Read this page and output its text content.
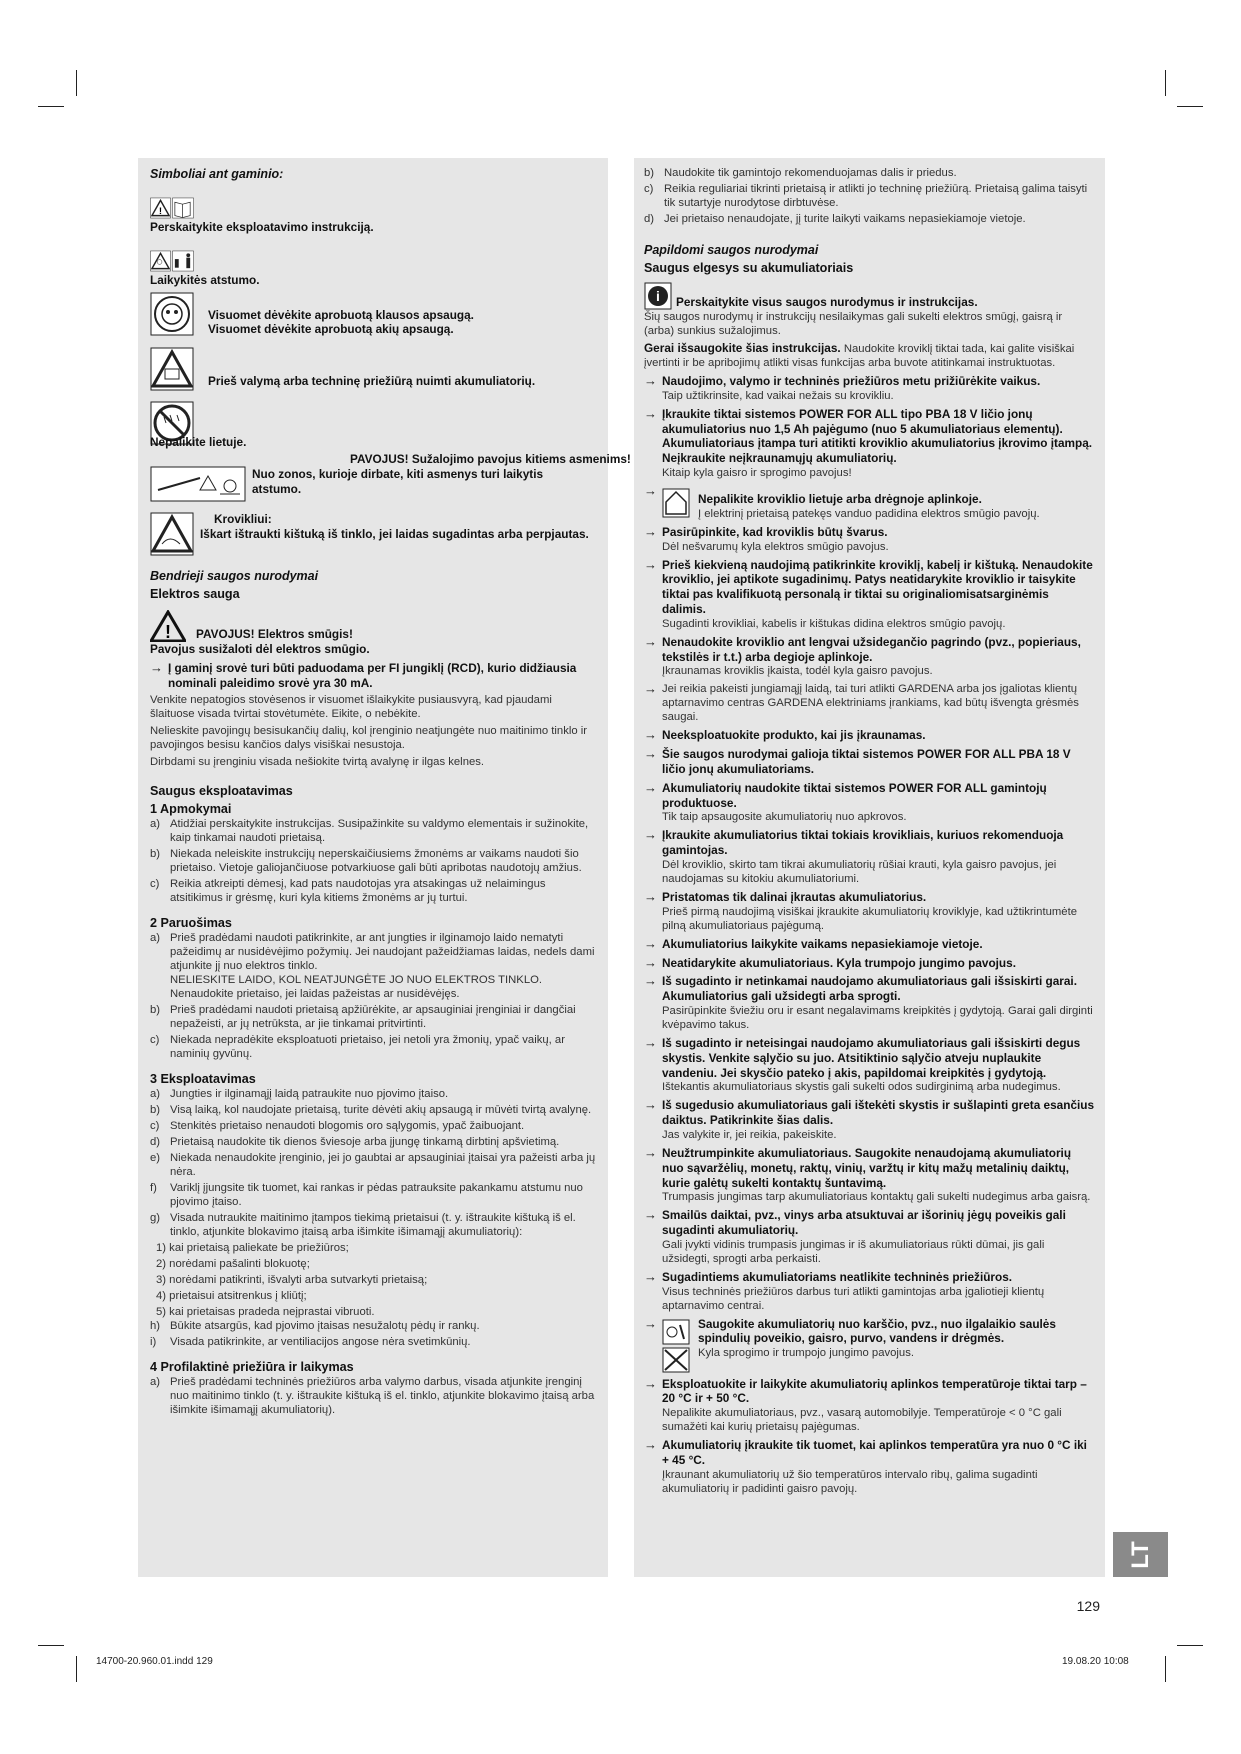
Simboliai ant gaminio:
!
Perskaitykite eksploatavimo instrukciją.
Laikykitės atstumo.
Visuomet dėvėkite aprobuotą klausos apsaugą.
Visuomet dėvėkite aprobuotą akių apsaugą.
Prieš valymą arba techninę priežiūrą nuimti akumuliatorių.
Nepalikite lietuje.
PAVOJUS! Sužalojimo pavojus kitiems asmenims!
Nuo zonos, kurioje dirbate, kiti asmenys turi laikytis atstumo.
Krovikliui:
Iškart ištraukti kištuką iš tinklo, jei laidas sugadintas arba perpjautas.
Bendrieji saugos nurodymai
Elektros sauga
! PAVOJUS! Elektros smūgis!
Pavojus susižaloti dėl elektros smūgio.
→ Į gaminį srovė turi būti paduodama per FI jungiklį (RCD), kurio didžiausia nominali paleidimo srovė yra 30 mA.
Venkite nepatogios stovėsenos ir visuomet išlaikykite pusiausvyrą, kad pjaudami šlaituose visada tvirtai stovėtumėte. Eikite, o nebėkite.
Nelieskite pavojingų besisukančių dalių, kol įrenginio neatjungėte nuo maitinimo tinklo ir pavojingos besisu kančios dalys visiškai nesustoja.
Dirbdami su įrenginiu visada nešiokite tvirtą avalynę ir ilgas kelnes.
Saugus eksploatavimas
1 Apmokymai
a) Atidžiai perskaitykite instrukcijas. Susipažinkite su valdymo elementais ir sužinokite, kaip tinkamai naudoti prietaisą.
b) Niekada neleiskite instrukcijų neperskaičiusiems žmonėms ar vaikams naudoti šio prietaiso. Vietoje galiojančiuose potvarkiuose gali būti apribotas naudotojų amžius.
c) Reikia atkreipti dėmesį, kad pats naudotojas yra atsakingas už nelaimingus atsitikimus ir grėsmę, kuri kyla kitiems žmonėms ar jų turtui.
2 Paruošimas
a) Prieš pradėdami naudoti patikrinkite, ar ant jungties ir ilginamojo laido nematyti pažeidimų ar nusidėvėjimo požymių. Jei naudojant pažeidžiamas laidas, nedels dami atjunkite jį nuo elektros tinklo.
NELIESKITE LAIDO, KOL NEATJUNGĖTE JO NUO ELEKTROS TINKLO.
Nenaudokite prietaiso, jei laidas pažeistas ar nusidėvėjęs.
b) Prieš pradėdami naudoti prietaisą apžiūrėkite, ar apsauginiai įrenginiai ir dangčiai nepažeisti, ar jų netrūksta, ar jie tinkamai pritvirtinti.
c) Niekada nepradėkite eksploatuoti prietaiso, jei netoli yra žmonių, ypač vaikų, ar naminių gyvūnų.
3 Eksploatavimas
a) Jungties ir ilginamąjį laidą patraukite nuo pjovimo įtaiso.
b) Visą laiką, kol naudojate prietaisą, turite dėvėti akių apsaugą ir mūvėti tvirtą avalynę.
c) Stenkitės prietaiso nenaudoti blogomis oro sąlygomis, ypač žaibuojant.
d) Prietaisą naudokite tik dienos šviesoje arba įjungę tinkamą dirbtinį apšvietimą.
e) Niekada nenaudokite įrenginio, jei jo gaubtai ar apsauginiai įtaisai yra pažeisti arba jų nėra.
f)	Variklį įjungsite tik tuomet, kai rankas ir pėdas patrauksite pakankamu atstumu nuo pjovimo įtaiso.
g) Visada nutraukite maitinimo įtampos tiekimą prietaisui (t. y. ištraukite kištuką iš el. tinklo, atjunkite blokavimo įtaisą arba išimkite išimamąjį akumuliatorių):
1) kai prietaisą paliekate be priežiūros;
2) norėdami pašalinti blokuotę;
3) norėdami patikrinti, išvalyti arba sutvarkyti prietaisą;
4) prietaisui atsitrenkus į kliūtį;
5) kai prietaisas pradeda neįprastai vibruoti.
h) Būkite atsargūs, kad pjovimo įtaisas nesužalotų pėdų ir rankų.
i)	Visada patikrinkite, ar ventiliacijos angose nėra svetimkūnių.
4 Profilaktinė priežiūra ir laikymas
a) Prieš pradėdami techninės priežiūros arba valymo darbus, visada atjunkite įrenginį nuo maitinimo tinklo (t. y. ištraukite kištuką iš el. tinklo, atjunkite blokavimo įtaisą arba išimkite išimamąjį akumuliatorių).
b) Naudokite tik gamintojo rekomenduojamas dalis ir priedus.
c) Reikia reguliariai tikrinti prietaisą ir atlikti jo techninę priežiūrą. Prietaisą galima taisyti tik sutartyje nurodytose dirbtuvėse.
d) Jei prietaiso nenaudojate, jį turite laikyti vaikams nepasiekiamoje vietoje.
Papildomi saugos nurodymai
Saugus elgesys su akumuliatoriais
i Perskaitykite visus saugos nurodymus ir instrukcijas.
Šių saugos nurodymų ir instrukcijų nesilaikymas gali sukelti elektros smūgį, gaisrą ir (arba) sunkius sužalojimus.
Gerai išsaugokite šias instrukcijas. Naudokite kroviklį tiktai tada, kai galite visiškai įvertinti ir be apribojimų atlikti visas funkcijas arba buvote atitinkamai instruktuotas.
→ Naudojimo, valymo ir techninės priežiūros metu prižiūrėkite vaikus.
Taip užtikrinsite, kad vaikai nežais su krovikliu.
→ Įkraukite tiktai sistemos POWER FOR ALL tipo PBA 18 V ličio jonų akumuliatorius nuo 1,5 Ah pajėgumo (nuo 5 akumuliatoriaus elementų). Akumuliatoriaus įtampa turi atitikti kroviklio akumuliatorius įkrovimo įtampą. Neįkraukite neįkraunamųjų akumuliatorių.
Kitaip kyla gaisro ir sprogimo pavojus!
→
Nepalikite kroviklio lietuje arba drėgnoje aplinkoje.
Į elektrinį prietaisą patekęs vanduo padidina elektros smūgio pavojų.
→ Pasirūpinkite, kad kroviklis būtų švarus.
Dėl nešvarumų kyla elektros smūgio pavojus.
→ Prieš kiekvieną naudojimą patikrinkite kroviklį, kabelį ir kištuką. Nenaudokite kroviklio, jei aptikote sugadinimų. Patys neatidarykite kroviklio ir taisykite tiktai pas kvalifikuotą personalą ir tiktai su originaliomisatsarginėmis dalimis.
Sugadinti krovikliai, kabelis ir kištukas didina elektros smūgio pavojų.
→ Nenaudokite kroviklio ant lengvai užsidegančio pagrindo (pvz., popieriaus, tekstilės ir t.t.) arba degioje aplinkoje.
Įkraunamas kroviklis įkaista, todėl kyla gaisro pavojus.
→ Jei reikia pakeisti jungiamąjį laidą, tai turi atlikti GARDENA arba jos įgaliotas klientų aptarnavimo centras GARDENA elektriniams įrankiams, kad būtų išvengta grėsmės saugai.
→ Neeksploatuokite produkto, kai jis įkraunamas.
→ Šie saugos nurodymai galioja tiktai sistemos POWER FOR ALL PBA 18 V ličio jonų akumuliatoriams.
→ Akumuliatorių naudokite tiktai sistemos POWER FOR ALL gamintojų produktuose.
Tik taip apsaugosite akumuliatorių nuo apkrovos.
→ Įkraukite akumuliatorius tiktai tokiais krovikliais, kuriuos rekomenduoja gamintojas.
Dėl kroviklio, skirto tam tikrai akumuliatorių rūšiai krauti, kyla gaisro pavojus, jei naudojamas su kitokiu akumuliatoriumi.
→ Pristatomas tik dalinai įkrautas akumuliatorius.
Prieš pirmą naudojimą visiškai įkraukite akumuliatorių kroviklyje, kad užtikrintumėte pilną akumuliatoriaus pajėgumą.
→ Akumuliatorius laikykite vaikams nepasiekiamoje vietoje.
→ Neatidarykite akumuliatoriaus. Kyla trumpojo jungimo pavojus.
→ Iš sugadinto ir netinkamai naudojamo akumuliatoriaus gali išsiskirti garai. Akumuliatorius gali užsidegti arba sprogti.
Pasirūpinkite šviežiu oru ir esant negalavimams kreipkitės į gydytoją. Garai gali dirginti kvėpavimo takus.
→ Iš sugadinto ir neteisingai naudojamo akumuliatoriaus gali išsiskirti degus skystis. Venkite sąlyčio su juo. Atsitiktinio sąlyčio atveju nuplaukite vandeniu. Jei skysčio pateko į akis, papildomai kreipkitės į gydytoją.
Ištekantis akumuliatoriaus skystis gali sukelti odos sudirginimą arba nudegimus.
→ Iš sugedusio akumuliatoriaus gali ištekėti skystis ir sušlapinti greta esančius daiktus. Patikrinkite šias dalis.
Jas valykite ir, jei reikia, pakeiskite.
→ Neužtrumpinkite akumuliatoriaus. Saugokite nenaudojamą akumuliatorių nuo sąvaržėlių, monetų, raktų, vinių, varžtų ir kitų mažų metalinių daiktų, kurie galėtų sukelti kontaktų šuntavimą.
Trumpasis jungimas tarp akumuliatoriaus kontaktų gali sukelti nudegimus arba gaisrą.
→ Smailūs daiktai, pvz., vinys arba atsuktuvai ar išorinių jėgų poveikis gali sugadinti akumuliatorių.
Gali įvykti vidinis trumpasis jungimas ir iš akumuliatoriaus rūkti dūmai, jis gali užsidegti, sprogti arba perkaisti.
→ Sugadintiems akumuliatoriams neatlikite techninės priežiūros.
Visus techninės priežiūros darbus turi atlikti gamintojas arba įgaliotieji klientų aptarnavimo centrai.
→	Saugokite akumuliatorių nuo karščio, pvz., nuo ilgalaikio saulės spindulių poveikio, gaisro, purvo, vandens ir drėgmės.
Kyla sprogimo ir trumpojo jungimo pavojus.
→ Eksploatuokite ir laikykite akumuliatorių aplinkos temperatūroje tiktai tarp – 20 °C ir + 50 °C.
Nepalikite akumuliatoriaus, pvz., vasarą automobilyje. Temperatūroje < 0 °C gali sumažėti kai kurių prietaisų pajėgumas.
→ Akumuliatorių įkraukite tik tuomet, kai aplinkos temperatūra yra nuo 0 °C iki + 45 °C.
Įkraunant akumuliatorių už šio temperatūros intervalo ribų, galima sugadinti akumuliatorių ir padidinti gaisro pavojų.
LT
129
14700-20.960.01.indd 129	19.08.20 10:08
